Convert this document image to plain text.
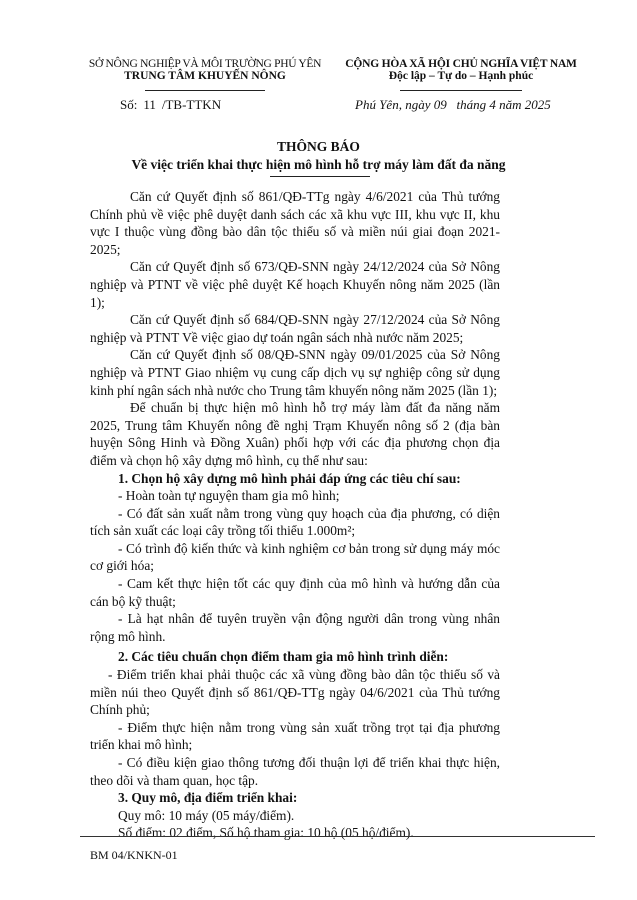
SỞ NÔNG NGHIỆP VÀ MÔI TRƯỜNG PHÚ YÊN
TRUNG TÂM KHUYẾN NÔNG
CỘNG HÒA XÃ HỘI CHỦ NGHĨA VIỆT NAM
Độc lập – Tự do – Hạnh phúc
Số: 11 /TB-TTKN	Phú Yên, ngày 09   tháng 4 năm 2025
THÔNG BÁO
Về việc triển khai thực hiện mô hình hỗ trợ máy làm đất đa năng

Căn cứ Quyết định số 861/QĐ-TTg ngày 4/6/2021 của Thủ tướng Chính phủ về việc phê duyệt danh sách các xã khu vực III, khu vực II, khu vực I thuộc vùng đồng bào dân tộc thiểu số và miền núi giai đoạn 2021-2025;

Căn cứ Quyết định số 673/QĐ-SNN ngày 24/12/2024 của Sở Nông nghiệp và PTNT về việc phê duyệt Kế hoạch Khuyến nông năm 2025 (lần 1);

Căn cứ Quyết định số 684/QĐ-SNN ngày 27/12/2024 của Sở Nông nghiệp và PTNT Về việc giao dự toán ngân sách nhà nước năm 2025;

Căn cứ Quyết định số 08/QĐ-SNN ngày 09/01/2025 của Sở Nông nghiệp và PTNT Giao nhiệm vụ cung cấp dịch vụ sự nghiệp công sử dụng kinh phí ngân sách nhà nước cho Trung tâm khuyến nông năm 2025 (lần 1);

Để chuẩn bị thực hiện mô hình hỗ trợ máy làm đất đa năng năm 2025, Trung tâm Khuyến nông đề nghị Trạm Khuyến nông số 2 (địa bàn huyện Sông Hinh và Đồng Xuân) phối hợp với các địa phương chọn địa điểm và chọn hộ xây dựng mô hình, cụ thể như sau:

1. Chọn hộ xây dựng mô hình phải đáp ứng các tiêu chí sau:

- Hoàn toàn tự nguyện tham gia mô hình;

- Có đất sản xuất nằm trong vùng quy hoạch của địa phương, có diện tích sản xuất các loại cây trồng tối thiểu 1.000m²;

- Có trình độ kiến thức và kinh nghiệm cơ bản trong sử dụng máy móc cơ giới hóa;

- Cam kết thực hiện tốt các quy định của mô hình và hướng dẫn của cán bộ kỹ thuật;

- Là hạt nhân để tuyên truyền vận động người dân trong vùng nhân rộng mô hình.

2. Các tiêu chuẩn chọn điểm tham gia mô hình trình diễn:

- Điểm triển khai phải thuộc các xã vùng đồng bào dân tộc thiểu số và miền núi theo Quyết định số 861/QĐ-TTg ngày 04/6/2021 của Thủ tướng Chính phủ;

- Điểm thực hiện nằm trong vùng sản xuất trồng trọt tại địa phương triển khai mô hình;

- Có điều kiện giao thông tương đối thuận lợi để triển khai thực hiện, theo dõi và tham quan, học tập.

3. Quy mô, địa điểm triển khai:

Quy mô: 10 máy (05 máy/điểm).

Số điểm: 02 điểm, Số hộ tham gia: 10 hộ (05 hộ/điểm).

BM 04/KNKN-01
